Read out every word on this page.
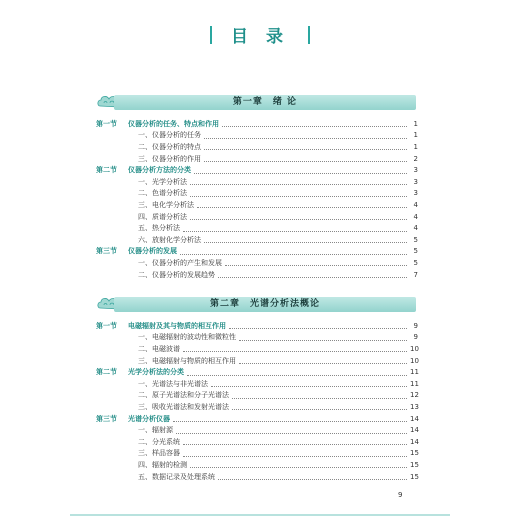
目 录
第一章　绪 论
第一节	仪器分析的任务、特点和作用	1
一、仪器分析的任务	1
二、仪器分析的特点	1
三、仪器分析的作用	2
第二节	仪器分析方法的分类	3
一、光学分析法	3
二、色谱分析法	3
三、电化学分析法	4
四、质谱分析法	4
五、热分析法	4
六、放射化学分析法	5
第三节	仪器分析的发展	5
一、仪器分析的产生和发展	5
二、仪器分析的发展趋势	7
第二章　光谱分析法概论
第一节	电磁辐射及其与物质的相互作用	9
一、电磁辐射的波动性和微粒性	9
二、电磁波谱	10
三、电磁辐射与物质的相互作用	10
第二节	光学分析法的分类	11
一、光谱法与非光谱法	11
二、原子光谱法和分子光谱法	12
三、吸收光谱法和发射光谱法	13
第三节	光谱分析仪器	14
一、辐射源	14
二、分光系统	14
三、样品容器	15
四、辐射的检测	15
五、数据记录及处理系统	15
9
